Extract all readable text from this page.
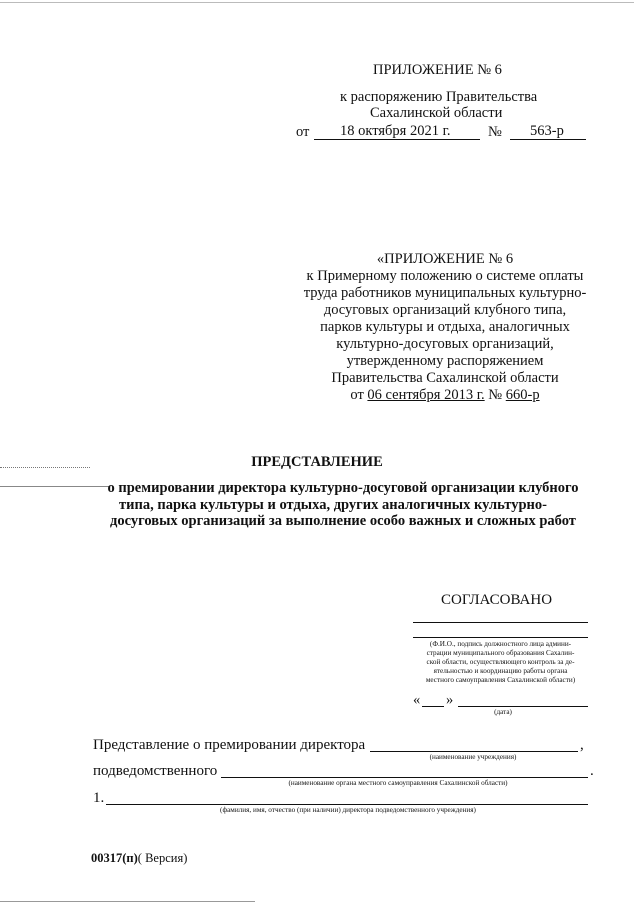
ПРИЛОЖЕНИЕ № 6
к распоряжению Правительства
Сахалинской области
от 18 октября 2021 г.	№ 563-р
«ПРИЛОЖЕНИЕ № 6
к Примерному положению о системе оплаты
труда работников муниципальных культурно-
досуговых организаций клубного типа,
парков культуры и отдыха, аналогичных
культурно-досуговых организаций,
утвержденному распоряжением
Правительства Сахалинской области
от 06 сентября 2013 г. № 660-р
ПРЕДСТАВЛЕНИЕ
о премировании директора культурно-досуговой организации клубного
типа, парка культуры и отдыха, других аналогичных культурно-
досуговых организаций за выполнение особо важных и сложных работ
СОГЛАСОВАНО
(Ф.И.О., подпись должностного лица админи-
страции муниципального образования Сахалин-
ской области, осуществляющего контроль за де-
ятельностью и координацию работы органа
местного самоуправления Сахалинской области)
« »
(дата)
Представление о премировании директора	,
(наименование учреждения)
подведомственного	.
(наименование органа местного самоуправления Сахалинской области)
1.
(фамилия, имя, отчество (при наличии) директора подведомственного учреждения)
00317(п)( Версия)
